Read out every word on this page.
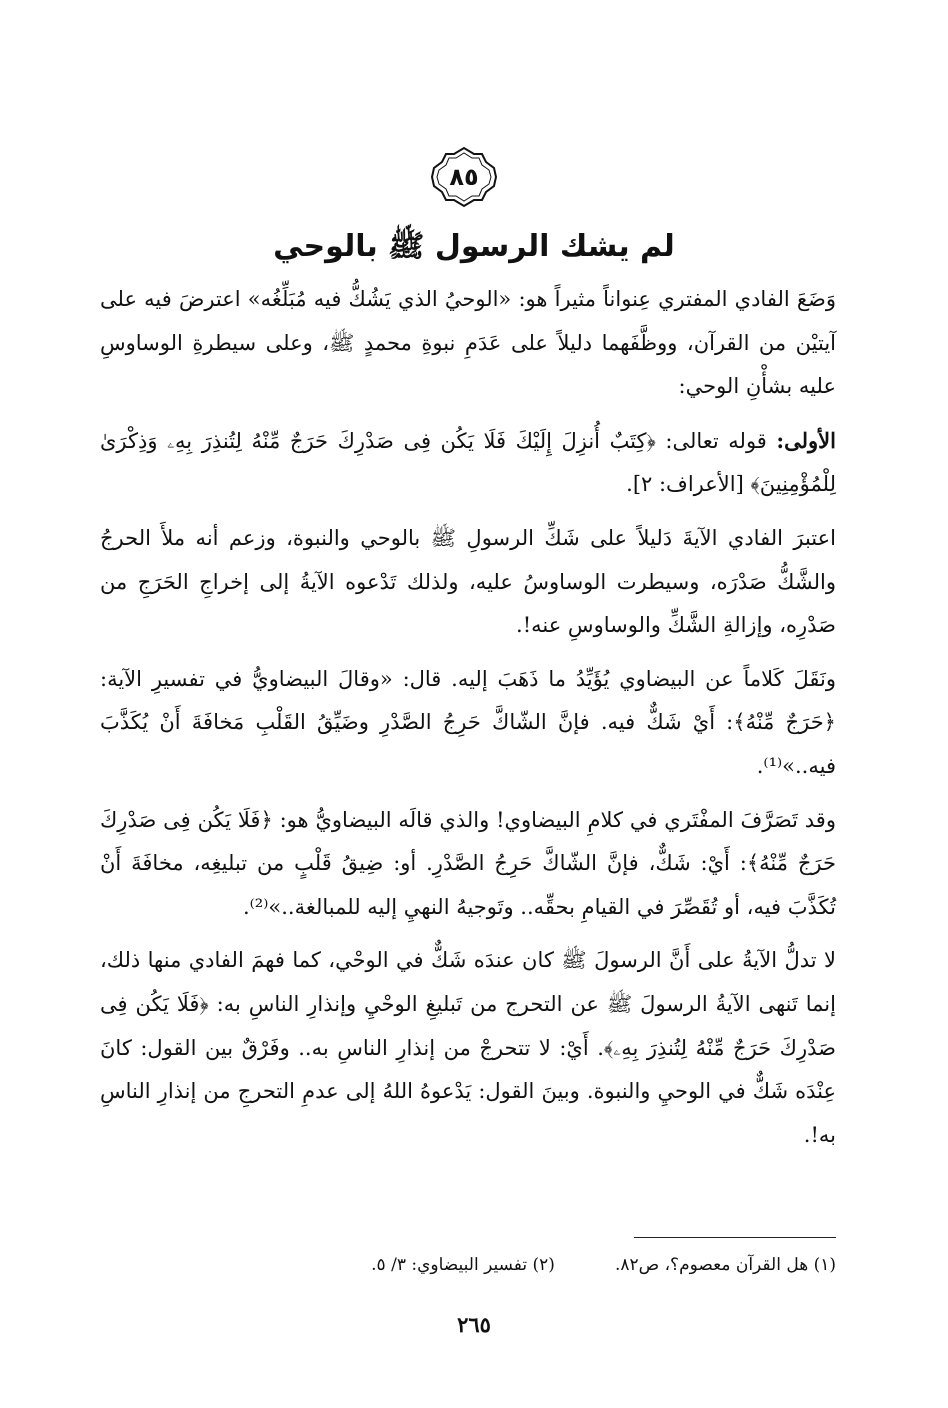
٨٥
لم يشك الرسول ﷺ بالوحي

وَضَعَ الفادي المفتري عِنواناً مثيراً هو: «الوحيُ الذي يَشُكُّ فيه مُبَلِّغُه» اعترضَ فيه على آيتيْن من القرآن، ووظَّفَهما دليلاً على عَدَمِ نبوةِ محمدٍ ﷺ، وعلى سيطرةِ الوساوسِ عليه بشأْنِ الوحي:

الأولى: قوله تعالى: ﴿كِتَبٌ أُنزِلَ إِلَيْكَ فَلَا يَكُن فِى صَدْرِكَ حَرَجٌ مِّنْهُ لِتُنذِرَ بِهِۦ وَذِكْرَىٰ لِلْمُؤْمِنِينَ﴾ [الأعراف: ٢].

اعتبرَ الفادي الآيةَ دَليلاً على شَكِّ الرسولِ ﷺ بالوحي والنبوة، وزعم أنه ملأَ الحرجُ والشَّكُّ صَدْرَه، وسيطرت الوساوسُ عليه، ولذلك تَدْعوه الآيةُ إلى إخراجِ الحَرَجِ من صَدْرِه، وإزالةِ الشَّكِّ والوساوسِ عنه!.

ونَقَلَ كَلاماً عن البيضاوي يُؤَيِّدُ ما ذَهَبَ إليه. قال: «وقالَ البيضاويُّ في تفسيرِ الآية: ﴿حَرَجٌ مِّنْهُ﴾: أَيْ شَكٌّ فيه. فإنَّ الشّاكَّ حَرِجُ الصَّدْرِ وضَيِّقُ القَلْبِ مَخافَةَ أَنْ يُكَذَّبَ فيه..»⁽¹⁾.

وقد تَصَرَّفَ المفْتَري في كلامِ البيضاوي! والذي قالَه البيضاويُّ هو: ﴿فَلَا يَكُن فِى صَدْرِكَ حَرَجٌ مِّنْهُ﴾: أَيْ: شَكٌّ، فإنَّ الشّاكَّ حَرِجُ الصَّدْرِ. أو: ضِيقُ قَلْبٍ من تبليغِه، مخافَةَ أَنْ تُكَذَّبَ فيه، أو تُقَصِّرَ في القيامِ بحقِّه.. وتَوجيهُ النهيِ إليه للمبالغة..»⁽²⁾.

لا تدلُّ الآيةُ على أَنَّ الرسولَ ﷺ كان عندَه شَكٌّ في الوحْي، كما فهمَ الفادي منها ذلك، إنما تَنهى الآيةُ الرسولَ ﷺ عن التحرج من تَبليغِ الوحْيِ وإنذارِ الناسِ به: ﴿فَلَا يَكُن فِى صَدْرِكَ حَرَجٌ مِّنْهُ لِتُنذِرَ بِهِۦ﴾. أَيْ: لا تتحرجْ من إنذارِ الناسِ به.. وفَرْقٌ بين القول: كانَ عِنْدَه شَكٌّ في الوحيِ والنبوة. وبينَ القول: يَدْعوهُ اللهُ إلى عدمِ التحرجِ من إنذارِ الناسِ به!.

(١) هل القرآن معصوم؟، ص٨٢.
(٢) تفسير البيضاوي: ٣/ ٥.
٢٦٥
